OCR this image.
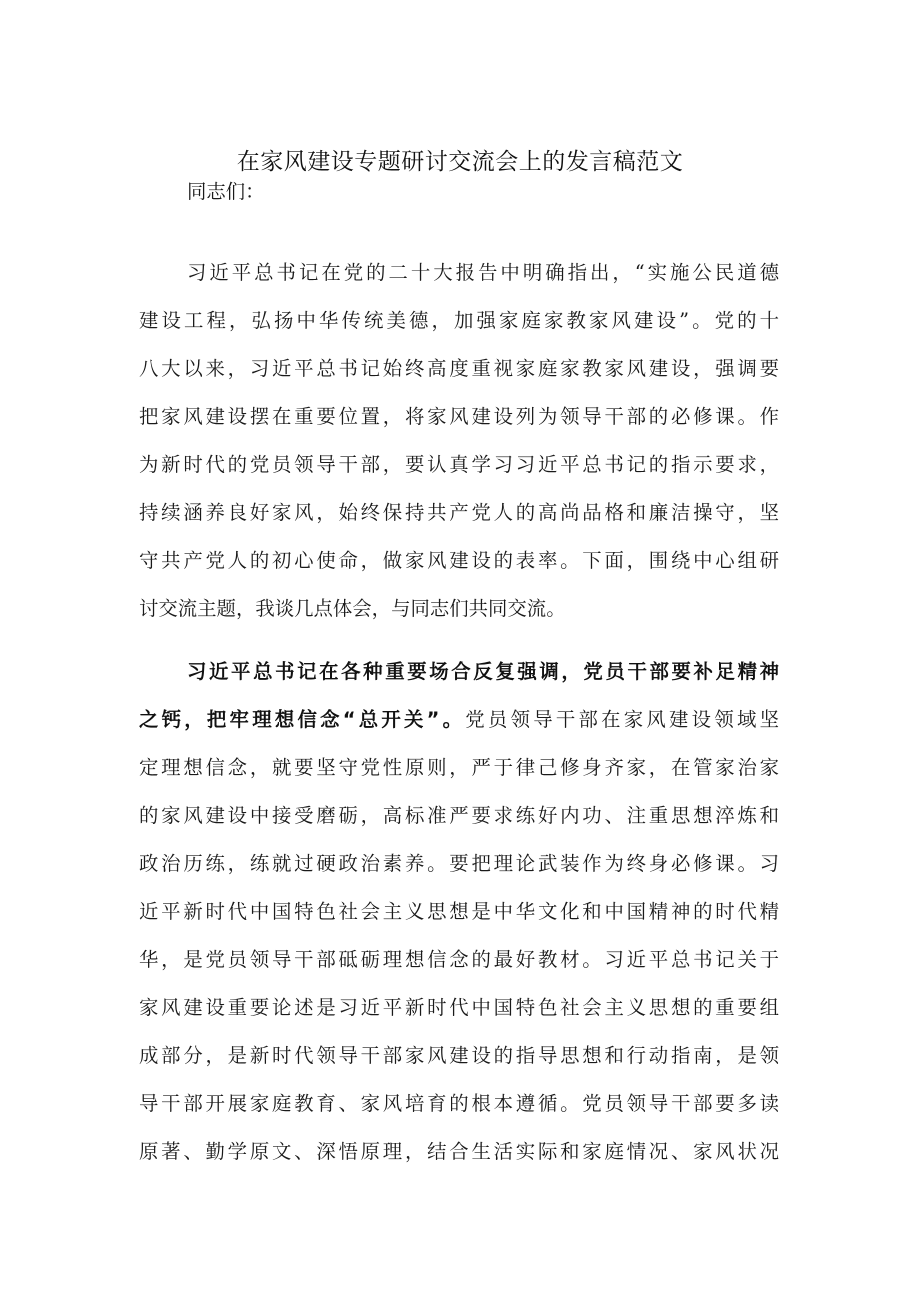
在家风建设专题研讨交流会上的发言稿范文
同志们：
习近平总书记在党的二十大报告中明确指出，“实施公民道德
建设工程，弘扬中华传统美德，加强家庭家教家风建设”。党的十
八大以来，习近平总书记始终高度重视家庭家教家风建设，强调要
把家风建设摆在重要位置，将家风建设列为领导干部的必修课。作
为新时代的党员领导干部，要认真学习习近平总书记的指示要求，
持续涵养良好家风，始终保持共产党人的高尚品格和廉洁操守，坚
守共产党人的初心使命，做家风建设的表率。下面，围绕中心组研
讨交流主题，我谈几点体会，与同志们共同交流。
习近平总书记在各种重要场合反复强调，党员干部要补足精神
之钙，把牢理想信念“总开关”。党员领导干部在家风建设领域坚
定理想信念，就要坚守党性原则，严于律己修身齐家，在管家治家
的家风建设中接受磨砺，高标准严要求练好内功、注重思想淬炼和
政治历练，练就过硬政治素养。要把理论武装作为终身必修课。习
近平新时代中国特色社会主义思想是中华文化和中国精神的时代精
华，是党员领导干部砥砺理想信念的最好教材。习近平总书记关于
家风建设重要论述是习近平新时代中国特色社会主义思想的重要组
成部分，是新时代领导干部家风建设的指导思想和行动指南，是领
导干部开展家庭教育、家风培育的根本遵循。党员领导干部要多读
原著、勤学原文、深悟原理，结合生活实际和家庭情况、家风状况
